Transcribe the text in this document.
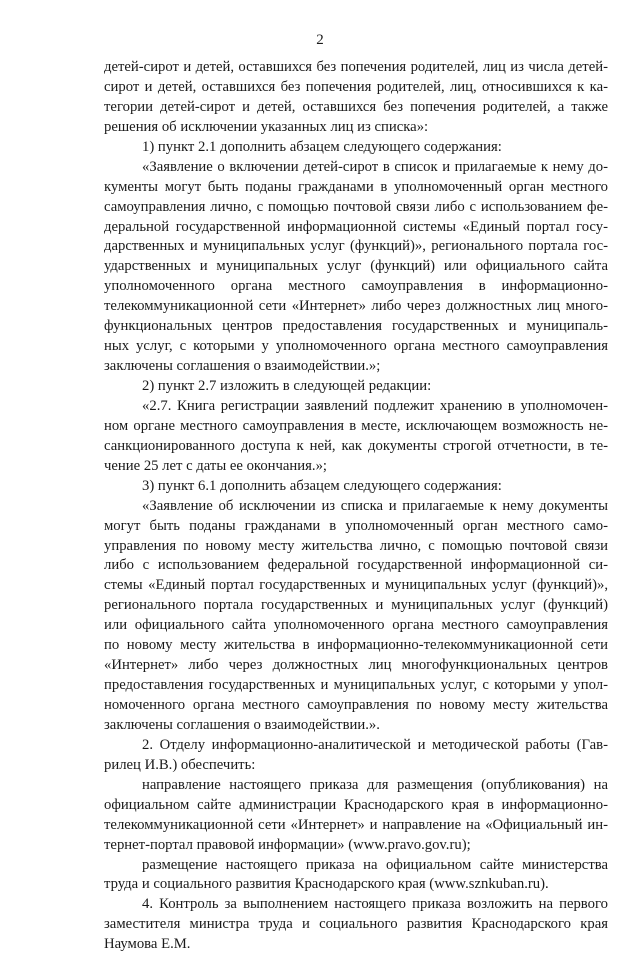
2
детей-сирот и детей, оставшихся без попечения родителей, лиц из числа детей-
сирот и детей, оставшихся без попечения родителей, лиц, относившихся к ка-
тегории детей-сирот и детей, оставшихся без попечения родителей, а также
решения об исключении указанных лиц из списка»:
1) пункт 2.1 дополнить абзацем следующего содержания:
«Заявление о включении детей-сирот в список и прилагаемые к нему до-
кументы могут быть поданы гражданами в уполномоченный орган местного
самоуправления лично, с помощью почтовой связи либо с использованием фе-
деральной государственной информационной системы «Единый портал госу-
дарственных и муниципальных услуг (функций)», регионального портала гос-
ударственных и муниципальных услуг (функций) или официального сайта
уполномоченного органа местного самоуправления в информационно-
телекоммуникационной сети «Интернет» либо через должностных лиц много-
функциональных центров предоставления государственных и муниципаль-
ных услуг, с которыми у уполномоченного органа местного самоуправления
заключены соглашения о взаимодействии.»;
2) пункт 2.7 изложить в следующей редакции:
«2.7. Книга регистрации заявлений подлежит хранению в уполномочен-
ном органе местного самоуправления в месте, исключающем возможность не-
санкционированного доступа к ней, как документы строгой отчетности, в те-
чение 25 лет с даты ее окончания.»;
3) пункт 6.1 дополнить абзацем следующего содержания:
«Заявление об исключении из списка и прилагаемые к нему документы
могут быть поданы гражданами в уполномоченный орган местного само-
управления по новому месту жительства лично, с помощью почтовой связи
либо с использованием федеральной государственной информационной си-
стемы «Единый портал государственных и муниципальных услуг (функций)»,
регионального портала государственных и муниципальных услуг (функций)
или официального сайта уполномоченного органа местного самоуправления
по новому месту жительства в информационно-телекоммуникационной сети
«Интернет» либо через должностных лиц многофункциональных центров
предоставления государственных и муниципальных услуг, с которыми у упол-
номоченного органа местного самоуправления по новому месту жительства
заключены соглашения о взаимодействии.».
2. Отделу информационно-аналитической и методической работы (Гав-
рилец И.В.) обеспечить:
направление настоящего приказа для размещения (опубликования) на
официальном сайте администрации Краснодарского края в информационно-
телекоммуникационной сети «Интернет» и направление на «Официальный ин-
тернет-портал правовой информации» (www.pravo.gov.ru);
размещение настоящего приказа на официальном сайте министерства
труда и социального развития Краснодарского края (www.sznkuban.ru).
4. Контроль за выполнением настоящего приказа возложить на первого
заместителя министра труда и социального развития Краснодарского края
Наумова Е.М.
